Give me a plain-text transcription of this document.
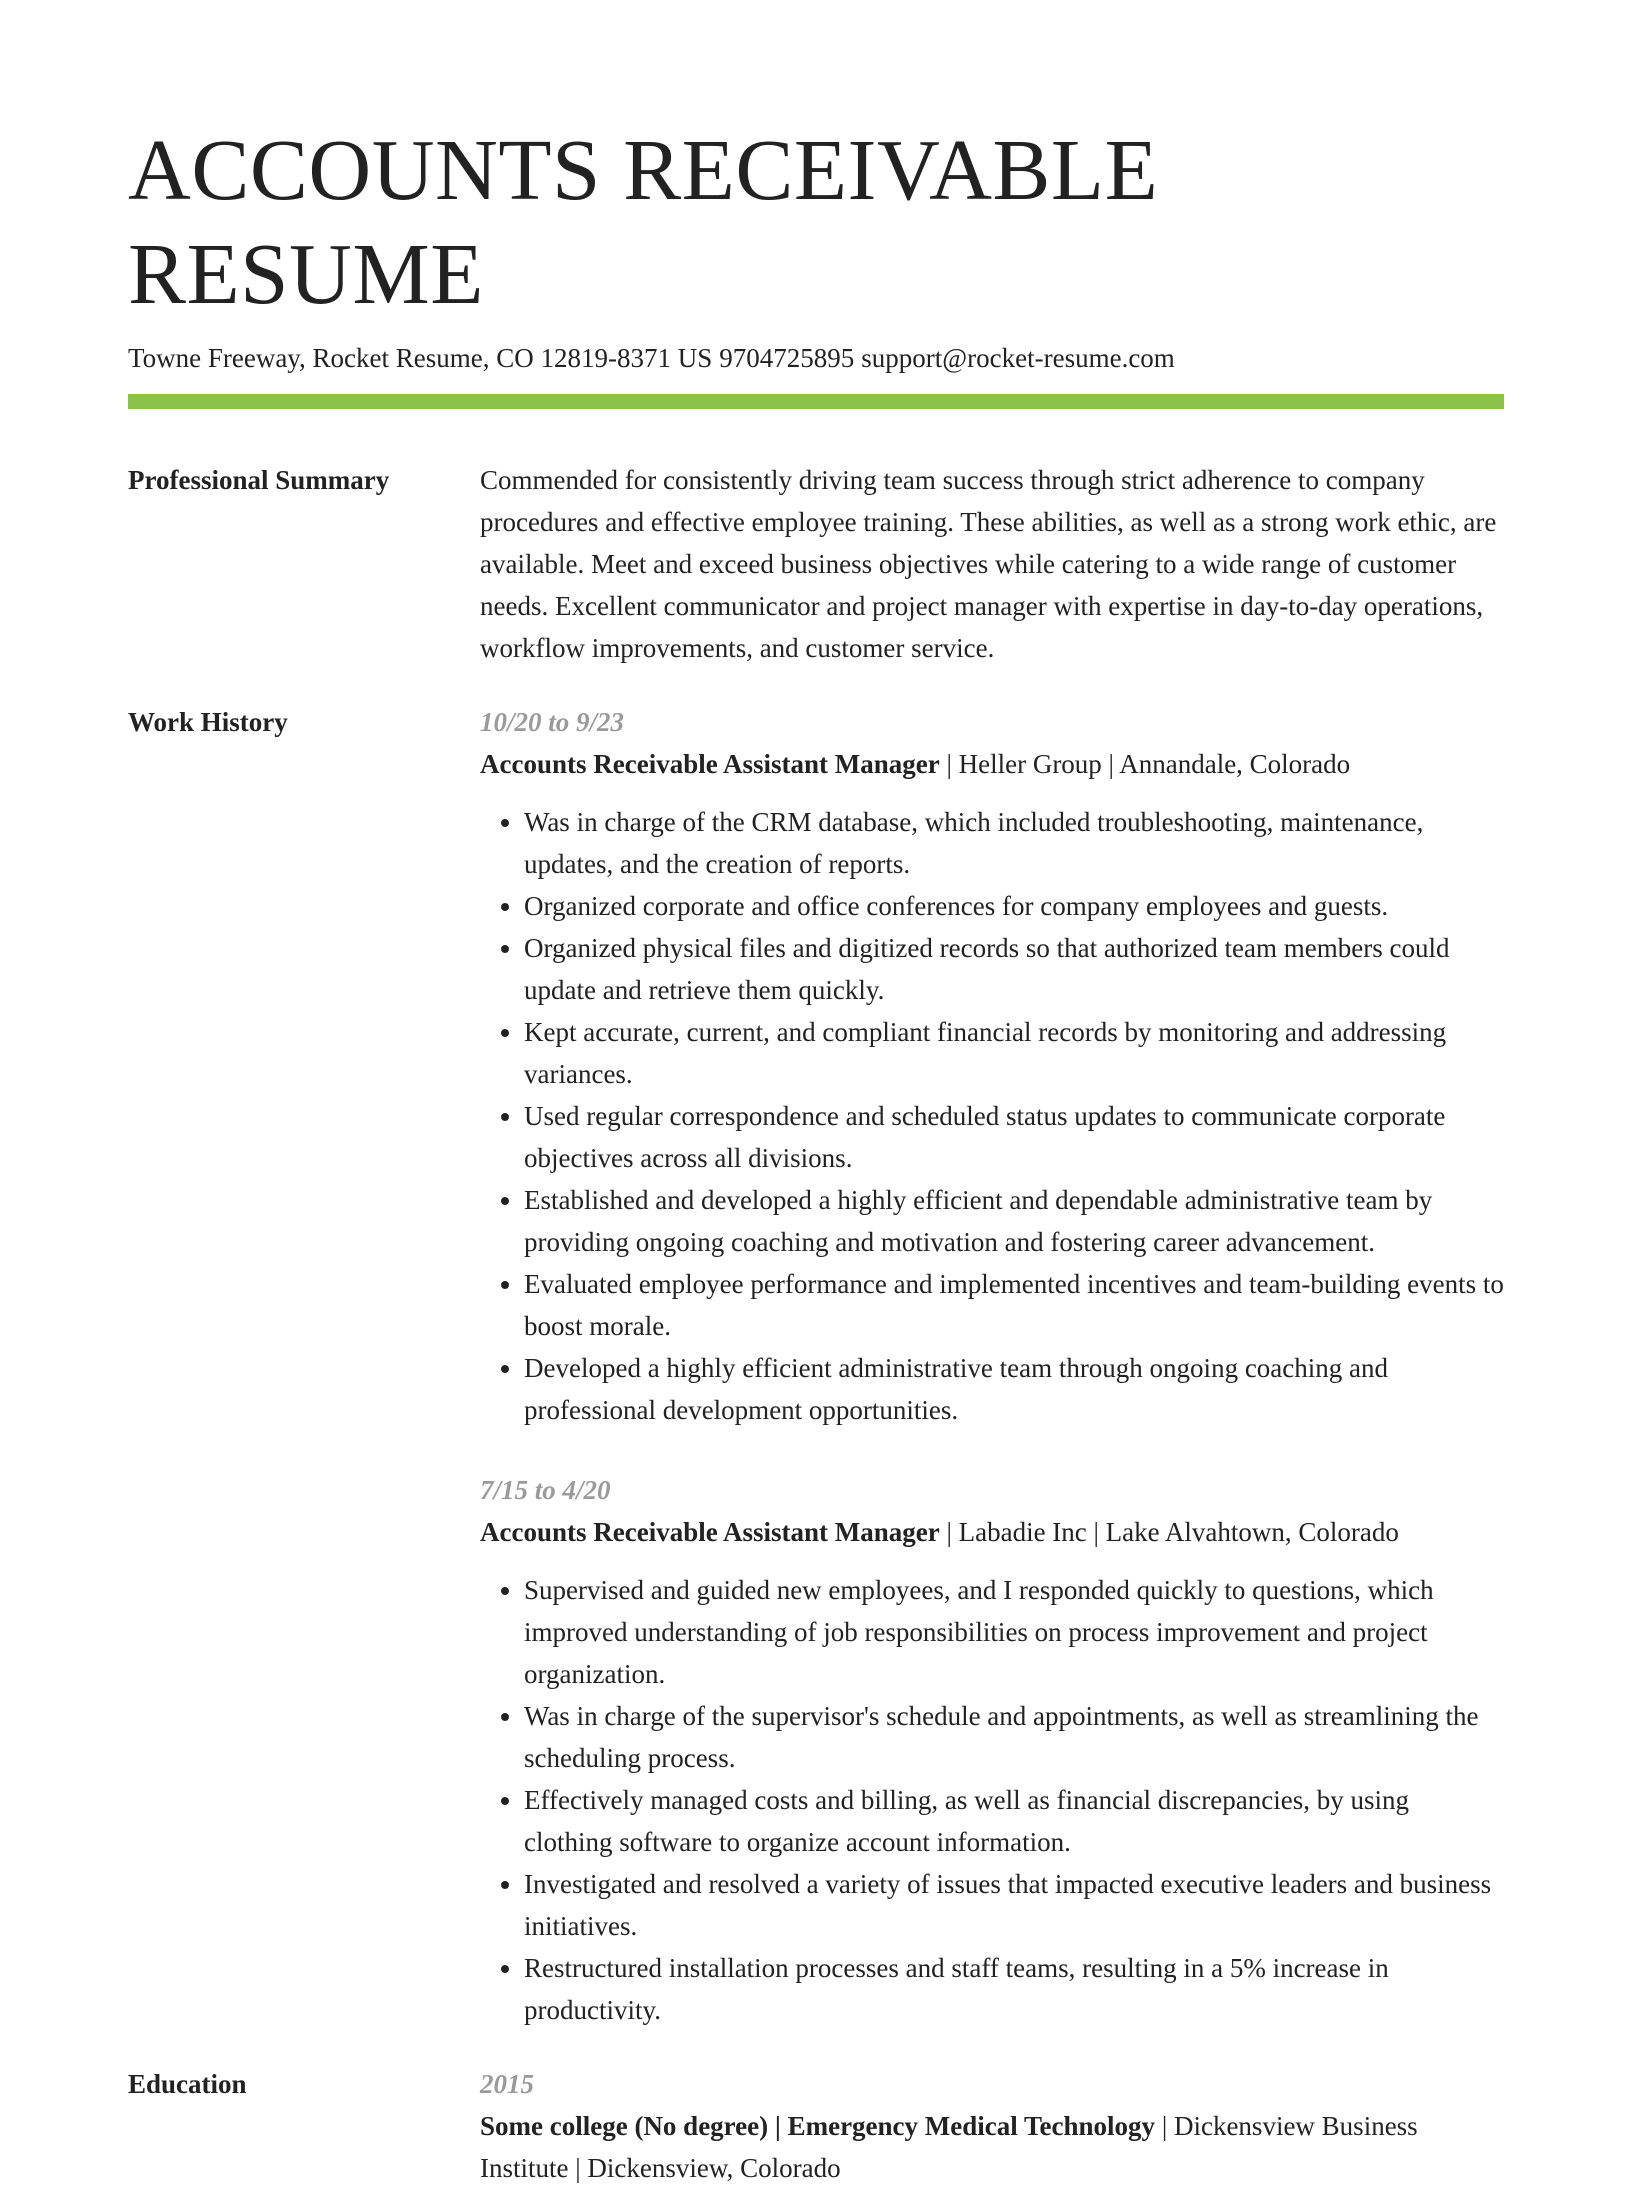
ACCOUNTS RECEIVABLE RESUME
Towne Freeway, Rocket Resume, CO 12819-8371 US 9704725895 support@rocket-resume.com
Professional Summary	Commended for consistently driving team success through strict adherence to company procedures and effective employee training. These abilities, as well as a strong work ethic, are available. Meet and exceed business objectives while catering to a wide range of customer needs. Excellent communicator and project manager with expertise in day-to-day operations, workflow improvements, and customer service.
Work History	10/20 to 9/23
Accounts Receivable Assistant Manager | Heller Group | Annandale, Colorado
• Was in charge of the CRM database, which included troubleshooting, maintenance, updates, and the creation of reports.
• Organized corporate and office conferences for company employees and guests.
• Organized physical files and digitized records so that authorized team members could update and retrieve them quickly.
• Kept accurate, current, and compliant financial records by monitoring and addressing variances.
• Used regular correspondence and scheduled status updates to communicate corporate objectives across all divisions.
• Established and developed a highly efficient and dependable administrative team by providing ongoing coaching and motivation and fostering career advancement.
• Evaluated employee performance and implemented incentives and team-building events to boost morale.
• Developed a highly efficient administrative team through ongoing coaching and professional development opportunities.
7/15 to 4/20
Accounts Receivable Assistant Manager | Labadie Inc | Lake Alvahtown, Colorado
• Supervised and guided new employees, and I responded quickly to questions, which improved understanding of job responsibilities on process improvement and project organization.
• Was in charge of the supervisor's schedule and appointments, as well as streamlining the scheduling process.
• Effectively managed costs and billing, as well as financial discrepancies, by using clothing software to organize account information.
• Investigated and resolved a variety of issues that impacted executive leaders and business initiatives.
• Restructured installation processes and staff teams, resulting in a 5% increase in productivity.
Education	2015
Some college (No degree) | Emergency Medical Technology | Dickensview Business Institute | Dickensview, Colorado
